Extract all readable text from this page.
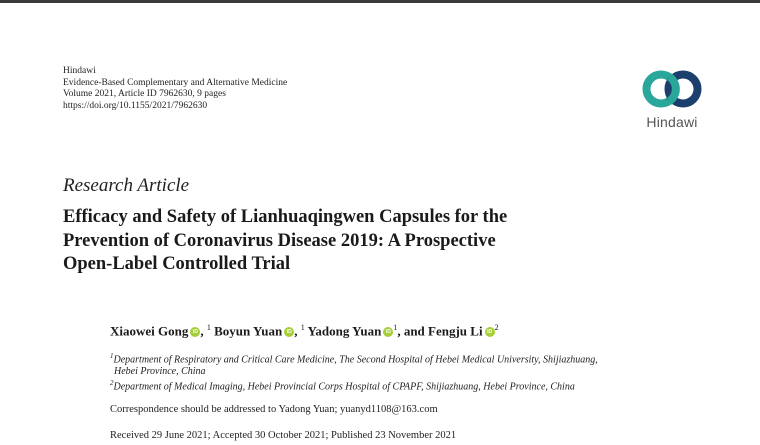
Hindawi
Evidence-Based Complementary and Alternative Medicine
Volume 2021, Article ID 7962630, 9 pages
https://doi.org/10.1155/2021/7962630
Hindawi
Research Article
Efficacy and Safety of Lianhuaqingwen Capsules for the
Prevention of Coronavirus Disease 2019: A Prospective
Open-Label Controlled Trial
Xiaowei Gong iD , $^1$ Boyun Yuan iD , $^1$ Yadong Yuan $iD^1$, and Fengju Li $iD^2$
$^1$Department of Respiratory and Critical Care Medicine, The Second Hospital of Hebei Medical University, Shijiazhuang,
Hebei Province, China
$^2$Department of Medical Imaging, Hebei Provincial Corps Hospital of CPAPF, Shijiazhuang, Hebei Province, China
Correspondence should be addressed to Yadong Yuan; yuanyd1108@163.com
Received 29 June 2021; Accepted 30 October 2021; Published 23 November 2021
